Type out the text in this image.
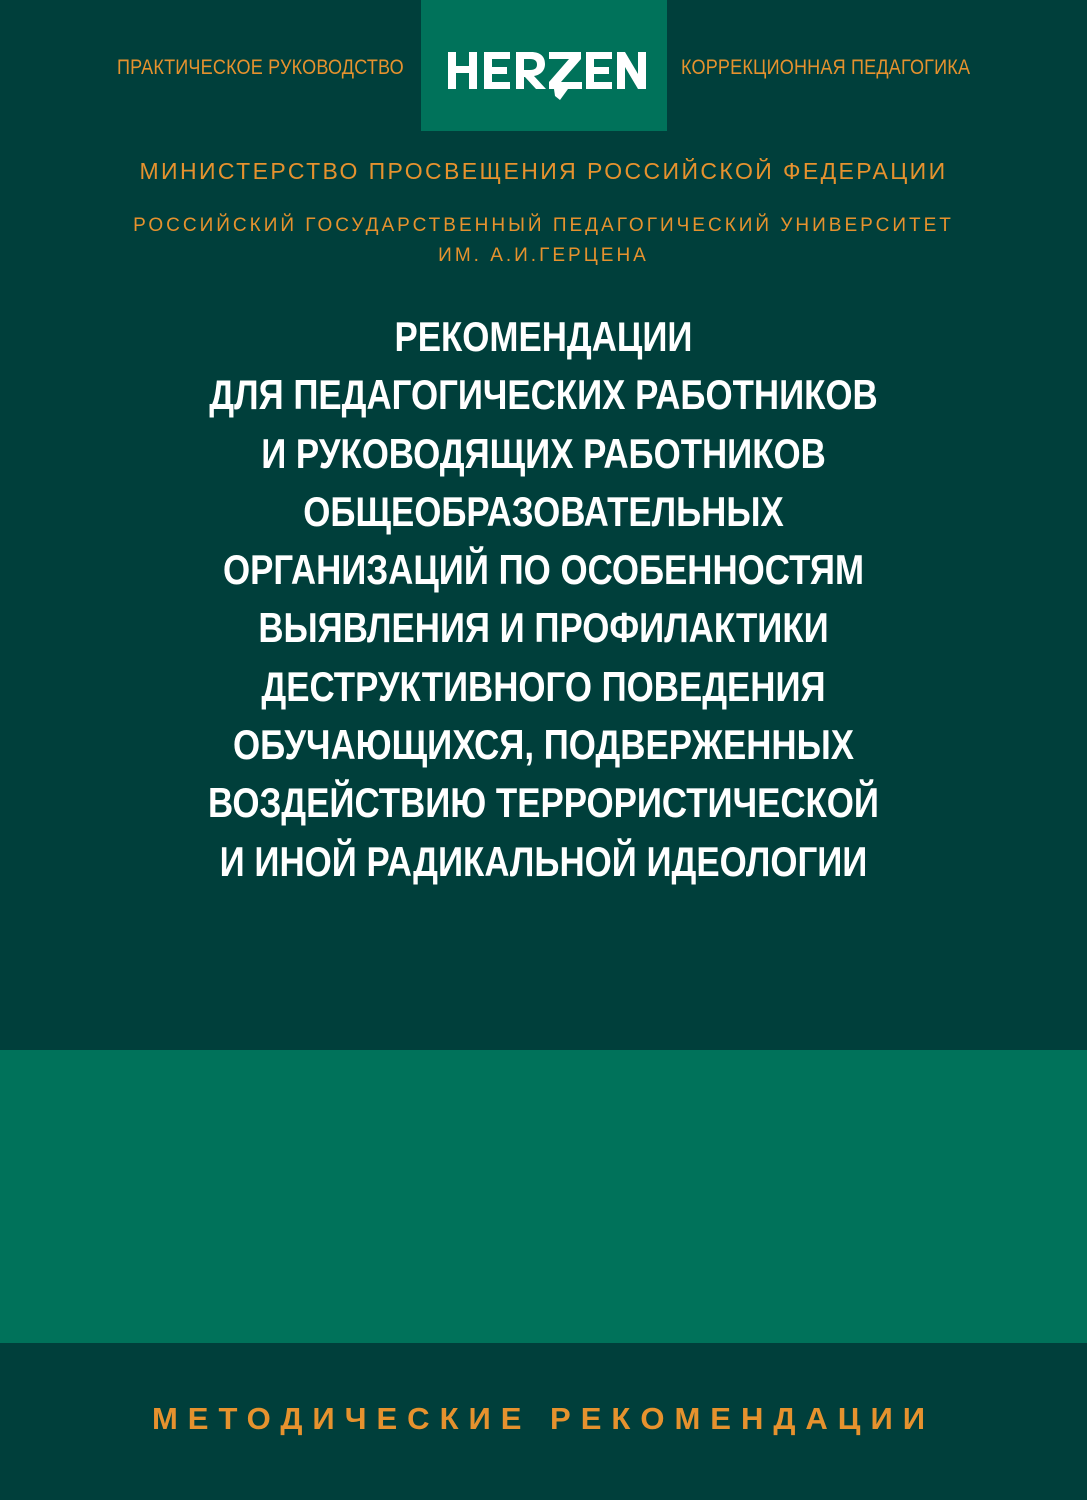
ПРАКТИЧЕСКОЕ РУКОВОДСТВО	КОРРЕКЦИОННАЯ ПЕДАГОГИКА
МИНИСТЕРСТВО ПРОСВЕЩЕНИЯ РОССИЙСКОЙ ФЕДЕРАЦИИ
РОССИЙСКИЙ ГОСУДАРСТВЕННЫЙ ПЕДАГОГИЧЕСКИЙ УНИВЕРСИТЕТ
ИМ. А.И.ГЕРЦЕНА
РЕКОМЕНДАЦИИ
ДЛЯ ПЕДАГОГИЧЕСКИХ РАБОТНИКОВ
И РУКОВОДЯЩИХ РАБОТНИКОВ
ОБЩЕОБРАЗОВАТЕЛЬНЫХ
ОРГАНИЗАЦИЙ ПО ОСОБЕННОСТЯМ
ВЫЯВЛЕНИЯ И ПРОФИЛАКТИКИ
ДЕСТРУКТИВНОГО ПОВЕДЕНИЯ
ОБУЧАЮЩИХСЯ, ПОДВЕРЖЕННЫХ
ВОЗДЕЙСТВИЮ ТЕРРОРИСТИЧЕСКОЙ
И ИНОЙ РАДИКАЛЬНОЙ ИДЕОЛОГИИ
МЕТОДИЧЕСКИЕ РЕКОМЕНДАЦИИ
